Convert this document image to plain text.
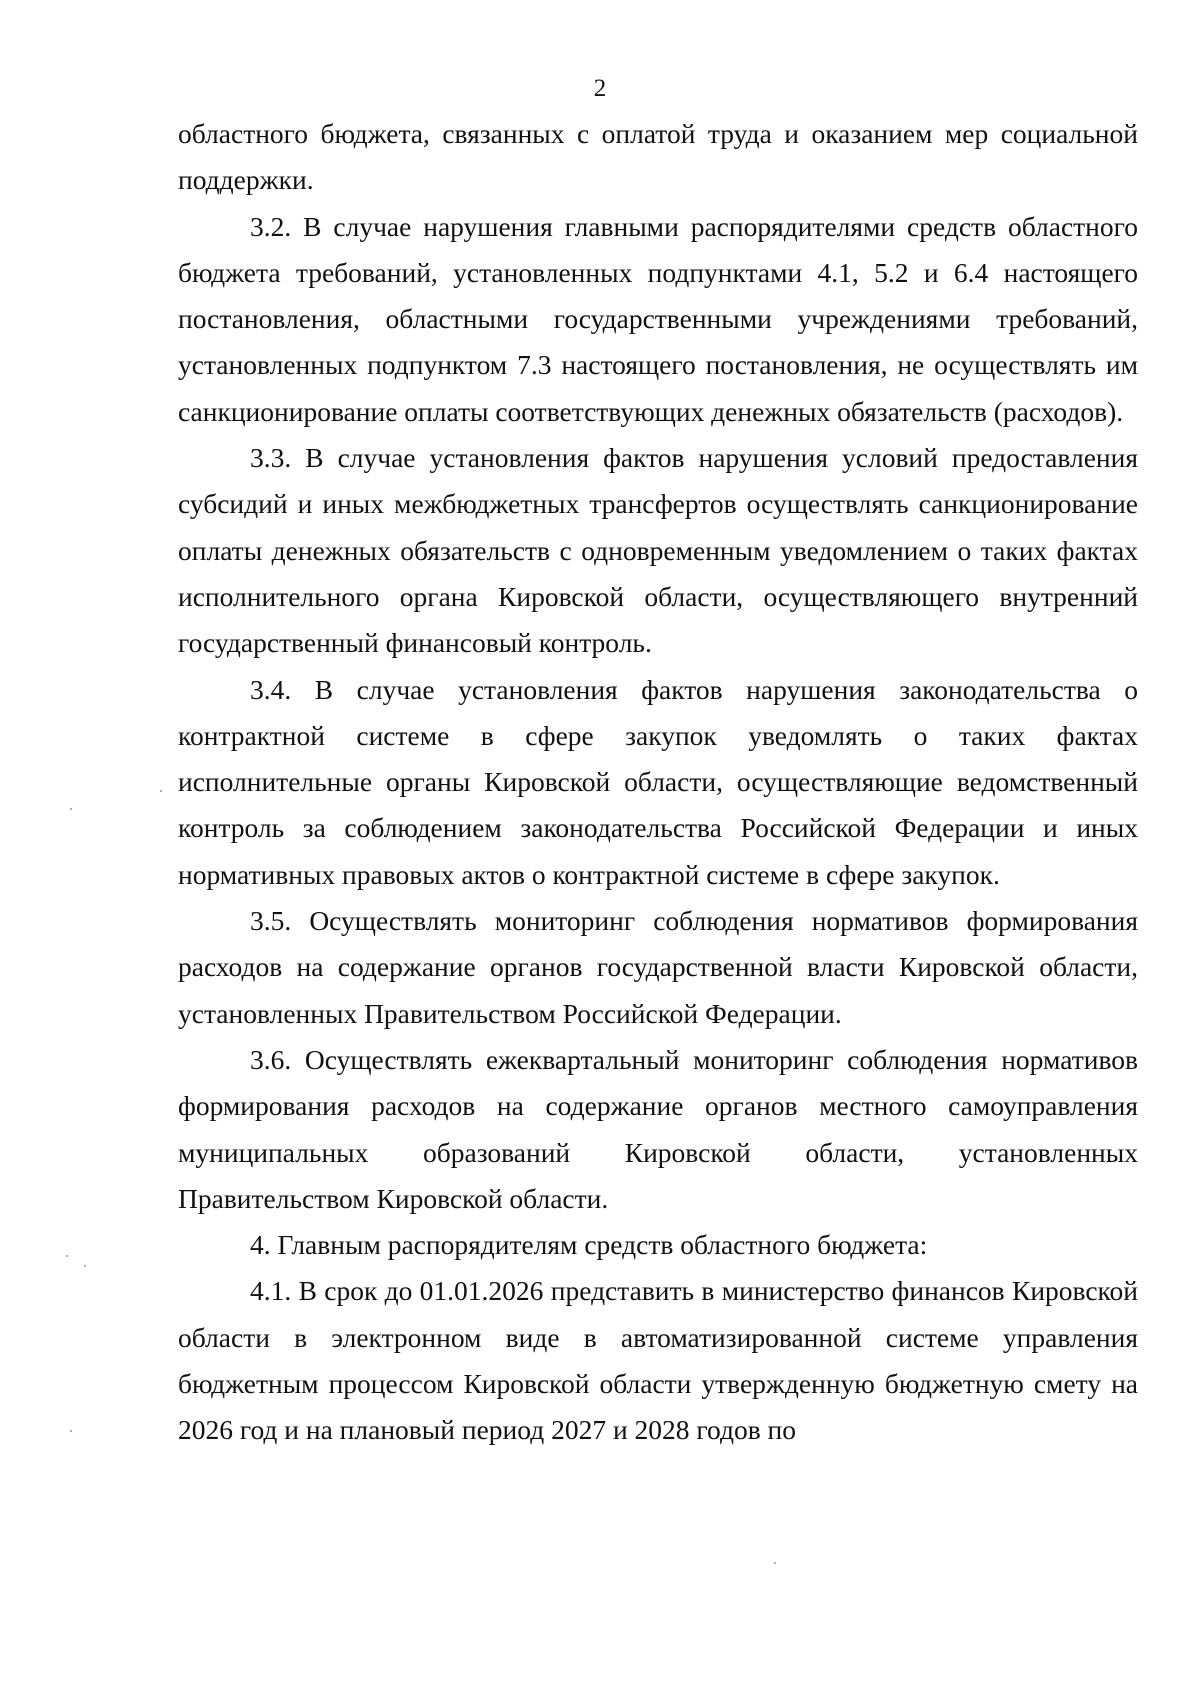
2

областного бюджета, связанных с оплатой труда и оказанием мер социальной поддержки.

3.2. В случае нарушения главными распорядителями средств областного бюджета требований, установленных подпунктами 4.1, 5.2 и 6.4 настоящего постановления, областными государственными учреждениями требований, установленных подпунктом 7.3 настоящего постановления, не осуществлять им санкционирование оплаты соответствующих денежных обязательств (расходов).

3.3. В случае установления фактов нарушения условий предоставления субсидий и иных межбюджетных трансфертов осуществлять санкционирование оплаты денежных обязательств с одновременным уведомлением о таких фактах исполнительного органа Кировской области, осуществляющего внутренний государственный финансовый контроль.

3.4. В случае установления фактов нарушения законодательства о контрактной системе в сфере закупок уведомлять о таких фактах исполнительные органы Кировской области, осуществляющие ведомственный контроль за соблюдением законодательства Российской Федерации и иных нормативных правовых актов о контрактной системе в сфере закупок.

3.5. Осуществлять мониторинг соблюдения нормативов формирования расходов на содержание органов государственной власти Кировской области, установленных Правительством Российской Федерации.

3.6. Осуществлять ежеквартальный мониторинг соблюдения нормативов формирования расходов на содержание органов местного самоуправления муниципальных образований Кировской области, установленных Правительством Кировской области.

4. Главным распорядителям средств областного бюджета:

4.1. В срок до 01.01.2026 представить в министерство финансов Кировской области в электронном виде в автоматизированной системе управления бюджетным процессом Кировской области утвержденную бюджетную смету на 2026 год и на плановый период 2027 и 2028 годов по
